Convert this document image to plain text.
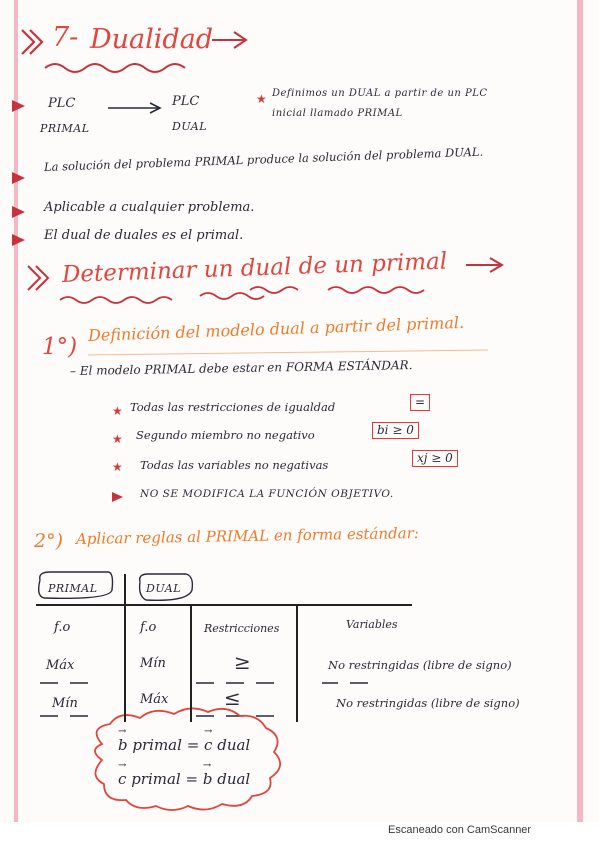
7- Dualidad
PLC
PRIMAL
PLC
DUAL
★ Definimos un DUAL a partir de un PLC
inicial llamado PRIMAL
La solución del problema PRIMAL produce la solución del problema DUAL.
Aplicable a cualquier problema.
El dual de duales es el primal.
Determinar un dual de un primal
1°)
Definición del modelo dual a partir del primal.
– El modelo PRIMAL debe estar en FORMA ESTÁNDAR.
★ Todas las restricciones de igualdad	=
★ Segundo miembro no negativo	bi ≥ 0
★ Todas las variables no negativas	xj ≥ 0
NO SE MODIFICA LA FUNCIÓN OBJETIVO.
2°) Aplicar reglas al PRIMAL en forma estándar:
PRIMAL	DUAL
f.o	f.o	Restricciones	Variables
Máx	Mín	≥	No restringidas (libre de signo)
Mín	Máx	≤	No restringidas (libre de signo)
→
b primal =
→
c dual
→
c primal =
→
b dual
Escaneado con CamScanner
